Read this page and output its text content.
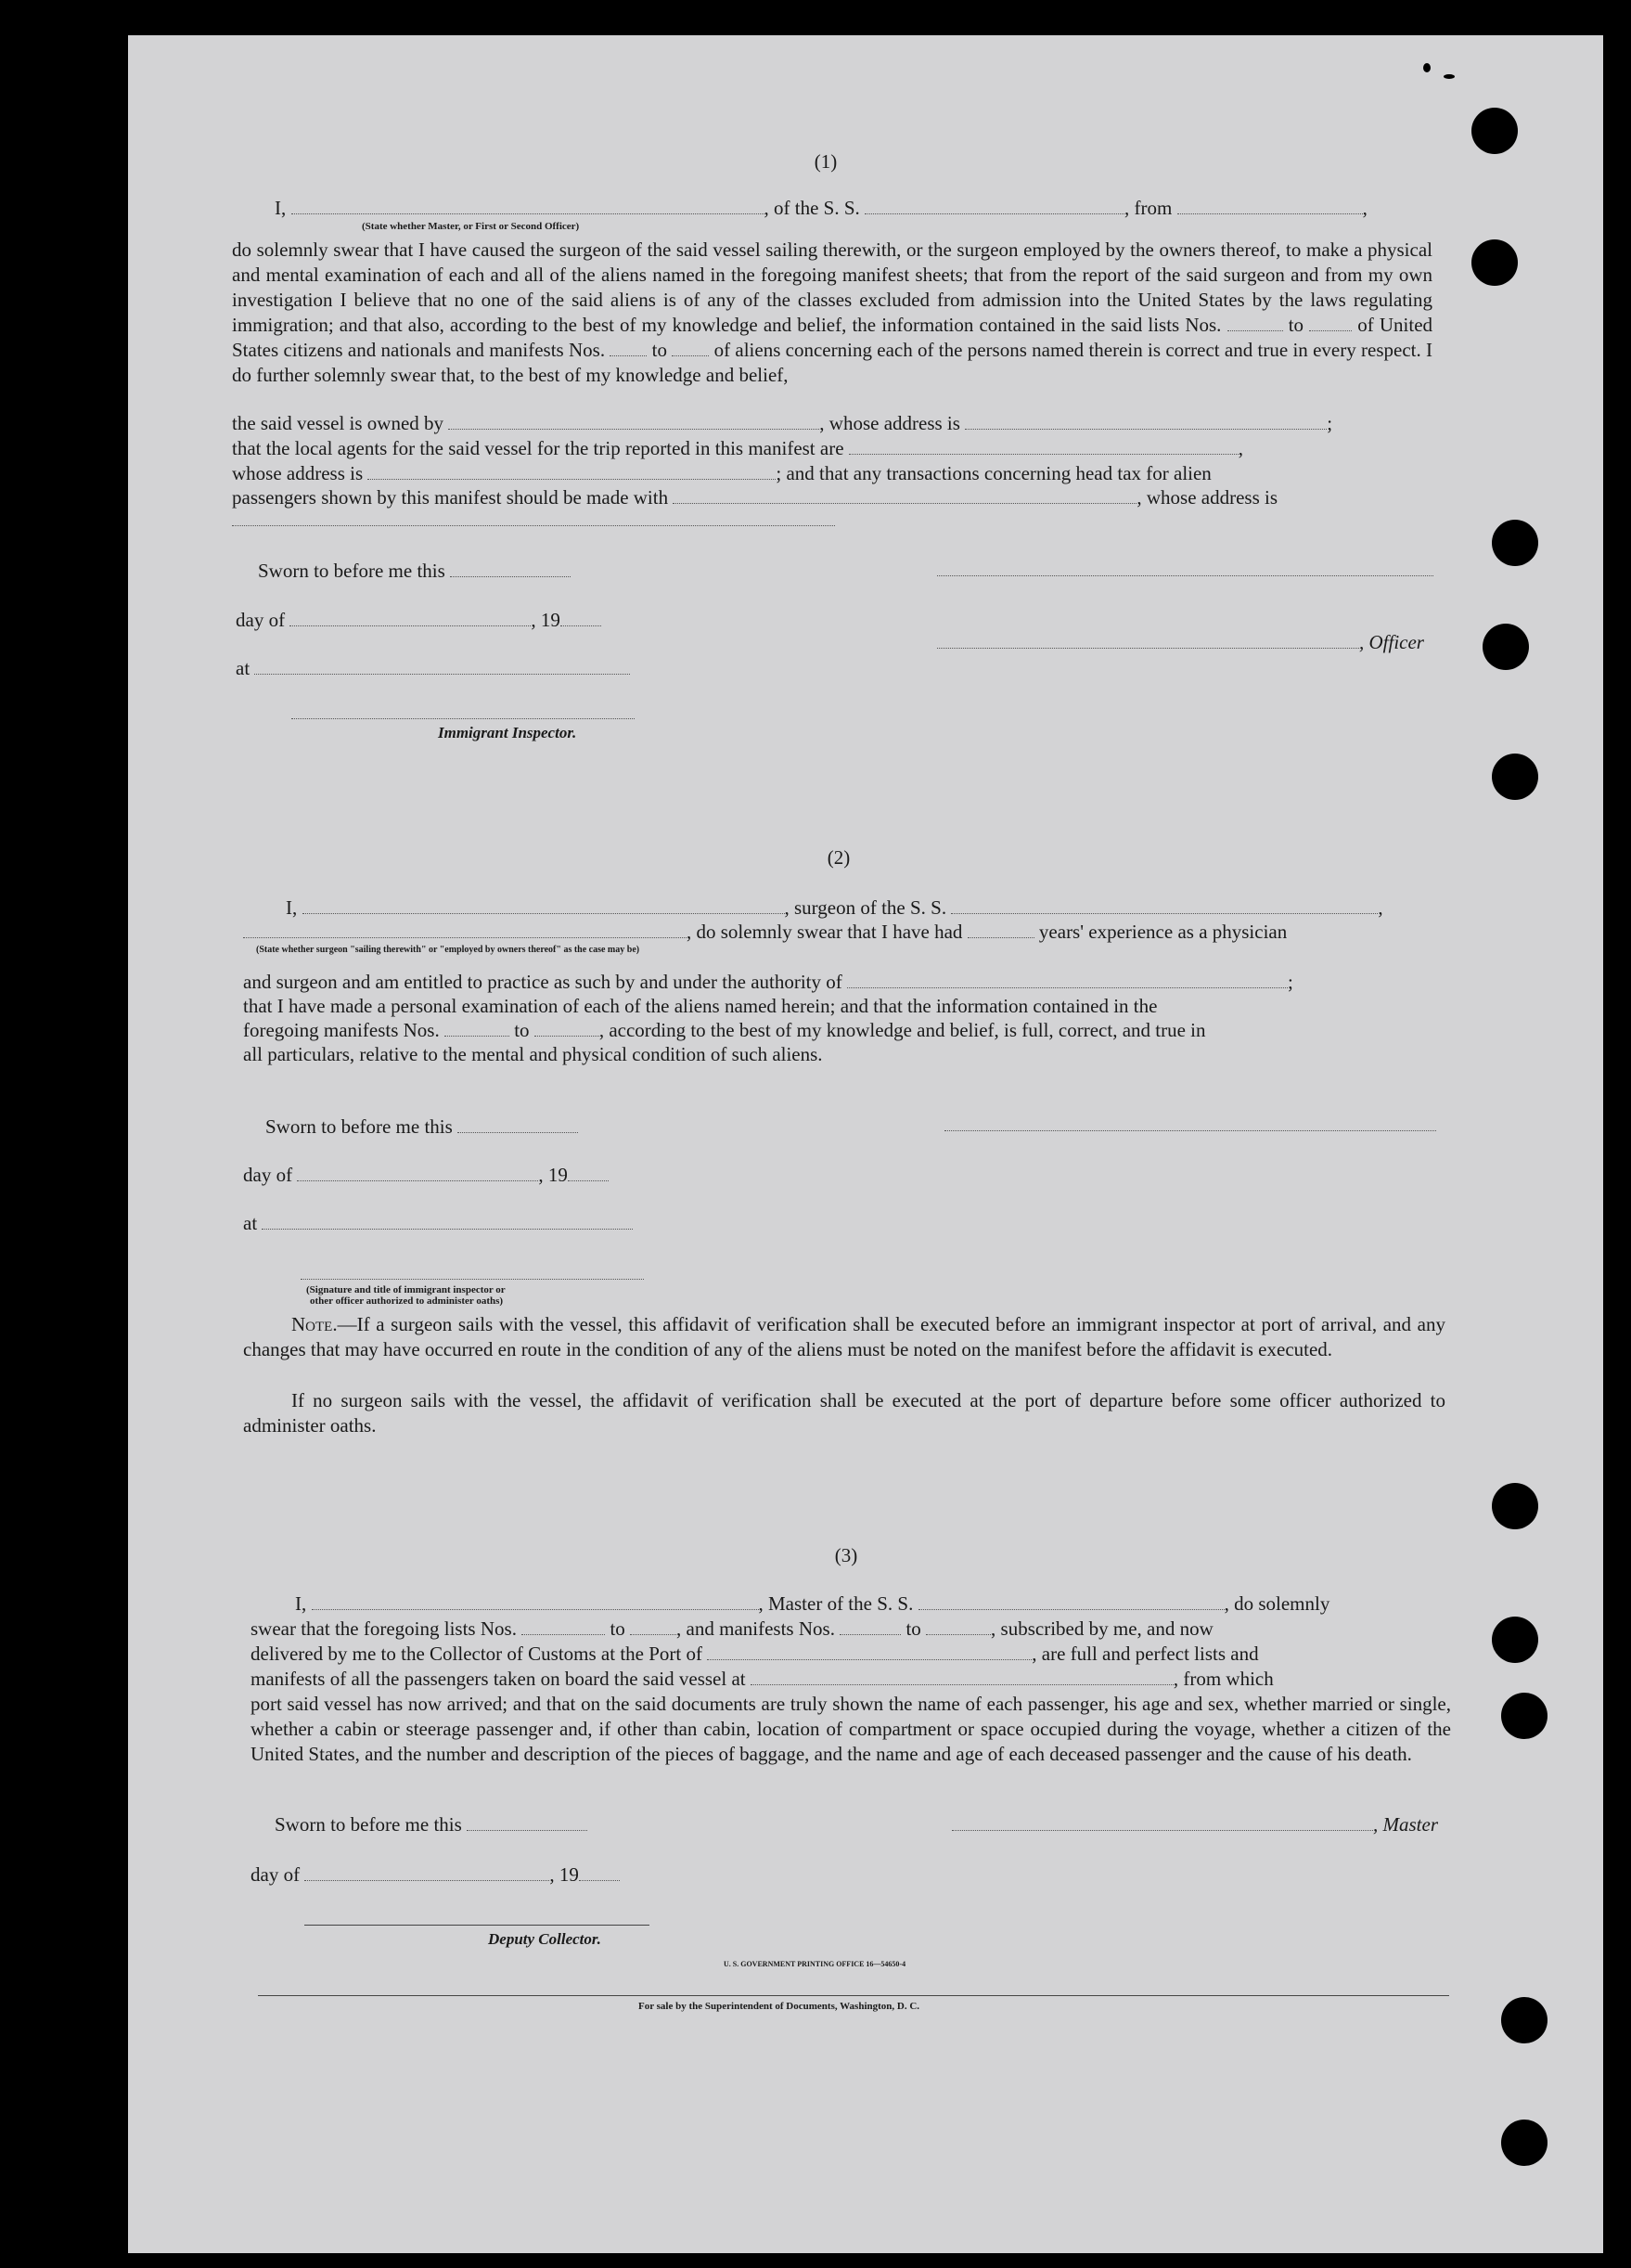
(1)
I,	, of the S. S.	, from	,
(State whether Master, or First or Second Officer)
do solemnly swear that I have caused the surgeon of the said vessel sailing therewith, or the surgeon employed by the owners thereof, to make a physical and mental examination of each and all of the aliens named in the foregoing manifest sheets; that from the report of the said surgeon and from my own investigation I believe that no one of the said aliens is of any of the classes excluded from admission into the United States by the laws regulating immigration; and that also, according to the best of my knowledge and belief, the information contained in the said lists Nos.	to	of United States citizens and nationals and manifests Nos. to of aliens concerning each of the persons named therein is correct and true in every respect. I do further solemnly swear that, to the best of my knowledge and belief,
the said vessel is owned by	, whose address is	;
that the local agents for the said vessel for the trip reported in this manifest are	,
whose address is	; and that any transactions concerning head tax for alien
passengers shown by this manifest should be made with	, whose address is
Sworn to before me this
day of	, 19
, Officer
at
Immigrant Inspector.
(2)
I,	, surgeon of the S. S.	,
, do solemnly swear that I have had	years' experience as a physician
(State whether surgeon "sailing therewith" or "employed by owners thereof" as the case may be)
and surgeon and am entitled to practice as such by and under the authority of	;
that I have made a personal examination of each of the aliens named herein; and that the information contained in the
foregoing manifests Nos.	to	, according to the best of my knowledge and belief, is full, correct, and true in
all particulars, relative to the mental and physical condition of such aliens.
Sworn to before me this
day of	, 19
at
(Signature and title of immigrant inspector or
other officer authorized to administer oaths)
Note.—If a surgeon sails with the vessel, this affidavit of verification shall be executed before an immigrant inspector at port of arrival, and any changes that may have occurred en route in the condition of any of the aliens must be noted on the manifest before the affidavit is executed.
If no surgeon sails with the vessel, the affidavit of verification shall be executed at the port of departure before some officer authorized to administer oaths.
(3)
I,	, Master of the S. S.	, do solemnly
swear that the foregoing lists Nos.	to	, and manifests Nos.	to	, subscribed by me, and now
delivered by me to the Collector of Customs at the Port of	, are full and perfect lists and
manifests of all the passengers taken on board the said vessel at	, from which
port said vessel has now arrived; and that on the said documents are truly shown the name of each passenger, his age and sex, whether married or single, whether a cabin or steerage passenger and, if other than cabin, location of compartment or space occupied during the voyage, whether a citizen of the United States, and the number and description of the pieces of baggage, and the name and age of each deceased passenger and the cause of his death.
Sworn to before me this	, Master
day of	, 19
Deputy Collector.
U. S. GOVERNMENT PRINTING OFFICE 16—54650-4
For sale by the Superintendent of Documents, Washington, D. C.
